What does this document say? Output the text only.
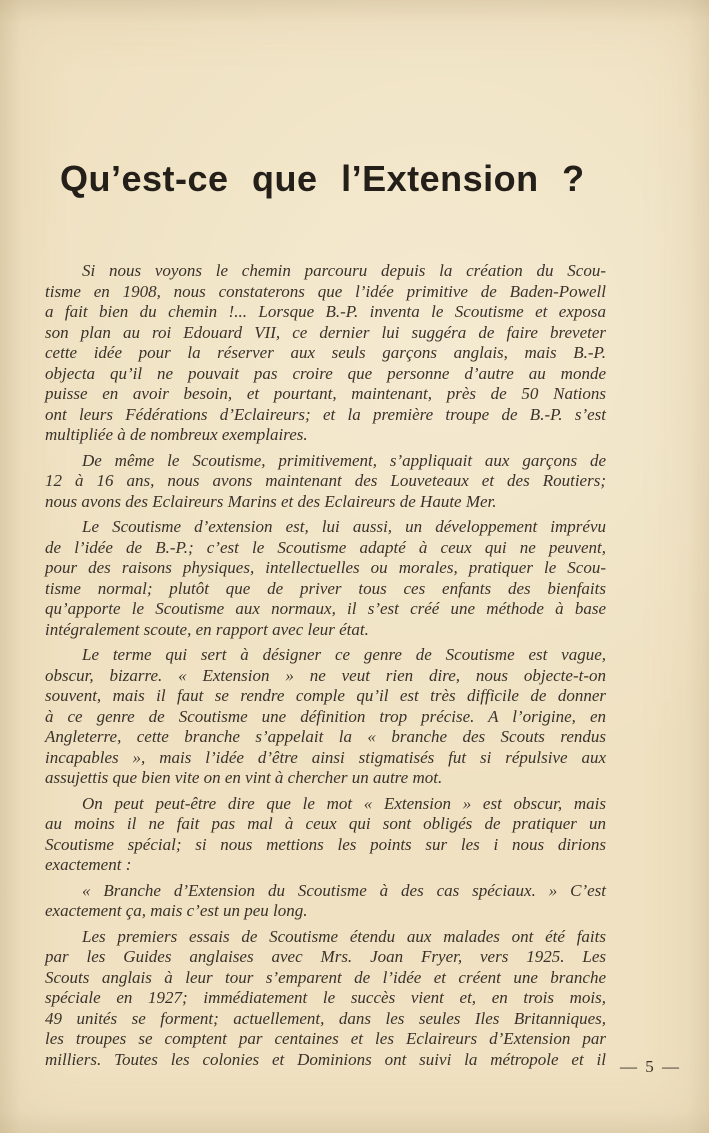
Qu’est-ce que l’Extension ?

Si nous voyons le chemin parcouru depuis la création du Scou-
tisme en 1908, nous constaterons que l’idée primitive de Baden-Powell
a fait bien du chemin !... Lorsque B.-P. inventa le Scoutisme et exposa
son plan au roi Edouard VII, ce dernier lui suggéra de faire breveter
cette idée pour la réserver aux seuls garçons anglais, mais B.-P.
objecta qu’il ne pouvait pas croire que personne d’autre au monde
puisse en avoir besoin, et pourtant, maintenant, près de 50 Nations
ont leurs Fédérations d’Eclaireurs; et la première troupe de B.-P. s’est
multipliée à de nombreux exemplaires.

De même le Scoutisme, primitivement, s’appliquait aux garçons de
12 à 16 ans, nous avons maintenant des Louveteaux et des Routiers;
nous avons des Eclaireurs Marins et des Eclaireurs de Haute Mer.

Le Scoutisme d’extension est, lui aussi, un développement imprévu
de l’idée de B.-P.; c’est le Scoutisme adapté à ceux qui ne peuvent,
pour des raisons physiques, intellectuelles ou morales, pratiquer le Scou-
tisme normal; plutôt que de priver tous ces enfants des bienfaits
qu’apporte le Scoutisme aux normaux, il s’est créé une méthode à base
intégralement scoute, en rapport avec leur état.

Le terme qui sert à désigner ce genre de Scoutisme est vague,
obscur, bizarre. « Extension » ne veut rien dire, nous objecte-t-on
souvent, mais il faut se rendre comple qu’il est très difficile de donner
à ce genre de Scoutisme une définition trop précise. A l’origine, en
Angleterre, cette branche s’appelait la « branche des Scouts rendus
incapables », mais l’idée d’être ainsi stigmatisés fut si répulsive aux
assujettis que bien vite on en vint à chercher un autre mot.

On peut peut-être dire que le mot « Extension » est obscur, mais
au moins il ne fait pas mal à ceux qui sont obligés de pratiquer un
Scoutisme spécial; si nous mettions les points sur les i nous dirions
exactement :

« Branche d’Extension du Scoutisme à des cas spéciaux. » C’est
exactement ça, mais c’est un peu long.

Les premiers essais de Scoutisme étendu aux malades ont été faits
par les Guides anglaises avec Mrs. Joan Fryer, vers 1925. Les
Scouts anglais à leur tour s’emparent de l’idée et créent une branche
spéciale en 1927; immédiatement le succès vient et, en trois mois,
49 unités se forment; actuellement, dans les seules Iles Britanniques,
les troupes se comptent par centaines et les Eclaireurs d’Extension par
milliers. Toutes les colonies et Dominions ont suivi la métropole et il — 5 —
